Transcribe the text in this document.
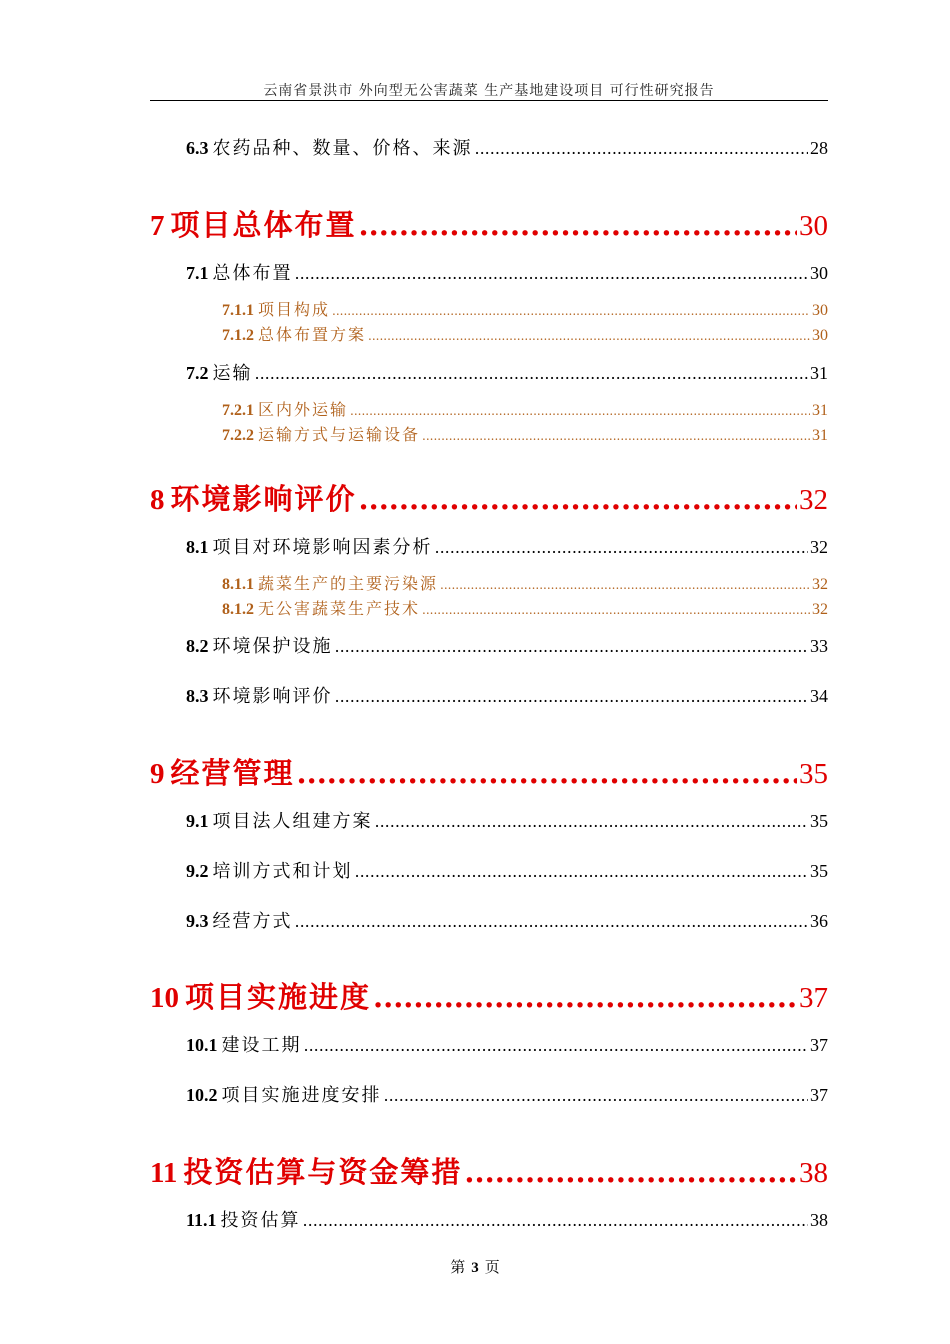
云南省景洪市 外向型无公害蔬菜 生产基地建设项目 可行性研究报告
6.3 农药品种、数量、价格、来源 .....	28
7 项目总体布置 .....	30
7.1 总体布置 .....	30
7.1.1 项目构成 .....	30
7.1.2 总体布置方案 .....	30
7.2 运输 .....	31
7.2.1 区内外运输 .....	31
7.2.2 运输方式与运输设备 .....	31
8 环境影响评价 .....	32
8.1 项目对环境影响因素分析 .....	32
8.1.1 蔬菜生产的主要污染源 .....	32
8.1.2 无公害蔬菜生产技术 .....	32
8.2 环境保护设施 .....	33
8.3 环境影响评价 .....	34
9 经营管理 .....	35
9.1 项目法人组建方案 .....	35
9.2 培训方式和计划 .....	35
9.3 经营方式 .....	36
10 项目实施进度 .....	37
10.1 建设工期 .....	37
10.2 项目实施进度安排 .....	37
11 投资估算与资金筹措 .....	38
11.1 投资估算 .....	38
第 3 页
